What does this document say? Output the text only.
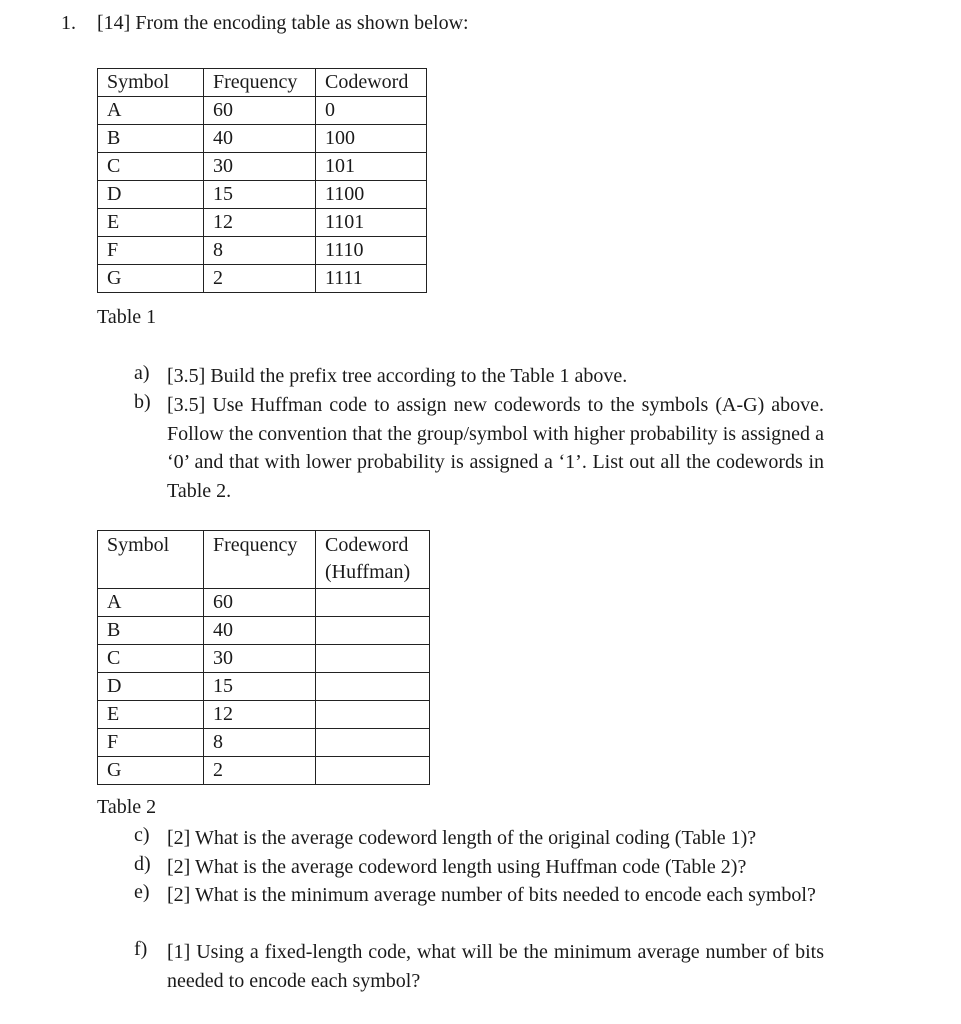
1. [14] From the encoding table as shown below:
Symbol	Frequency	Codeword
A	60	0
B	40	100
C	30	101
D	15	1100
E	12	1101
F	8	1110
G	2	1111
Table 1
a) [3.5] Build the prefix tree according to the Table 1 above.
b) [3.5] Use Huffman code to assign new codewords to the symbols (A-G) above. Follow the convention that the group/symbol with higher probability is assigned a ‘0’ and that with lower probability is assigned a ‘1’. List out all the codewords in Table 2.
Symbol	Frequency	Codeword
(Huffman)
A	60	
B	40	
C	30	
D	15	
E	12	
F	8	
G	2	
Table 2
c) [2] What is the average codeword length of the original coding (Table 1)?
d) [2] What is the average codeword length using Huffman code (Table 2)?
e) [2] What is the minimum average number of bits needed to encode each symbol?
f) [1] Using a fixed-length code, what will be the minimum average number of bits needed to encode each symbol?
